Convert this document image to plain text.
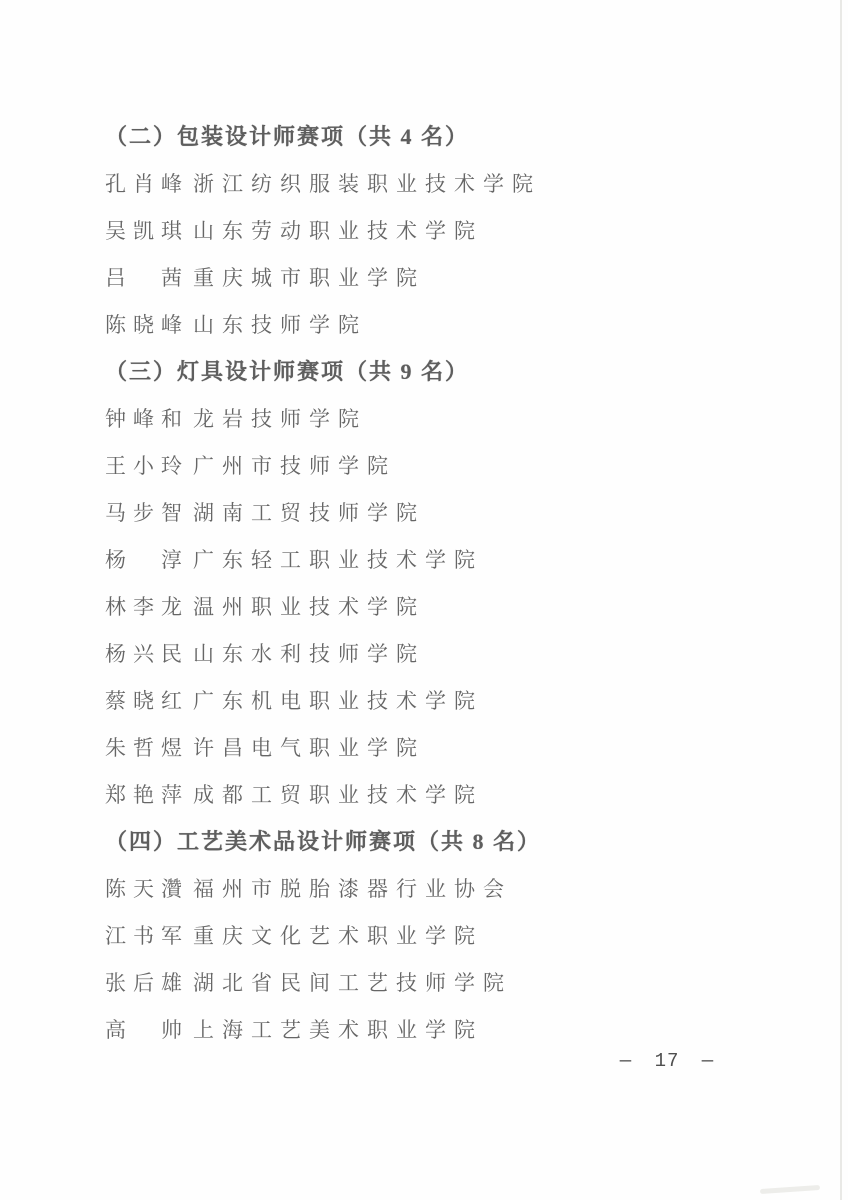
（二）包装设计师赛项（共 4 名）
孔肖峰 浙江纺织服装职业技术学院
吴凯琪 山东劳动职业技术学院
吕　茜 重庆城市职业学院
陈晓峰 山东技师学院
（三）灯具设计师赛项（共 9 名）
钟峰和 龙岩技师学院
王小玲 广州市技师学院
马步智 湖南工贸技师学院
杨　淳 广东轻工职业技术学院
林李龙 温州职业技术学院
杨兴民 山东水利技师学院
蔡晓红 广东机电职业技术学院
朱哲煜 许昌电气职业学院
郑艳萍 成都工贸职业技术学院
（四）工艺美术品设计师赛项（共 8 名）
陈天灒 福州市脱胎漆器行业协会
江书军 重庆文化艺术职业学院
张后雄 湖北省民间工艺技师学院
高　帅 上海工艺美术职业学院
— 17 —
